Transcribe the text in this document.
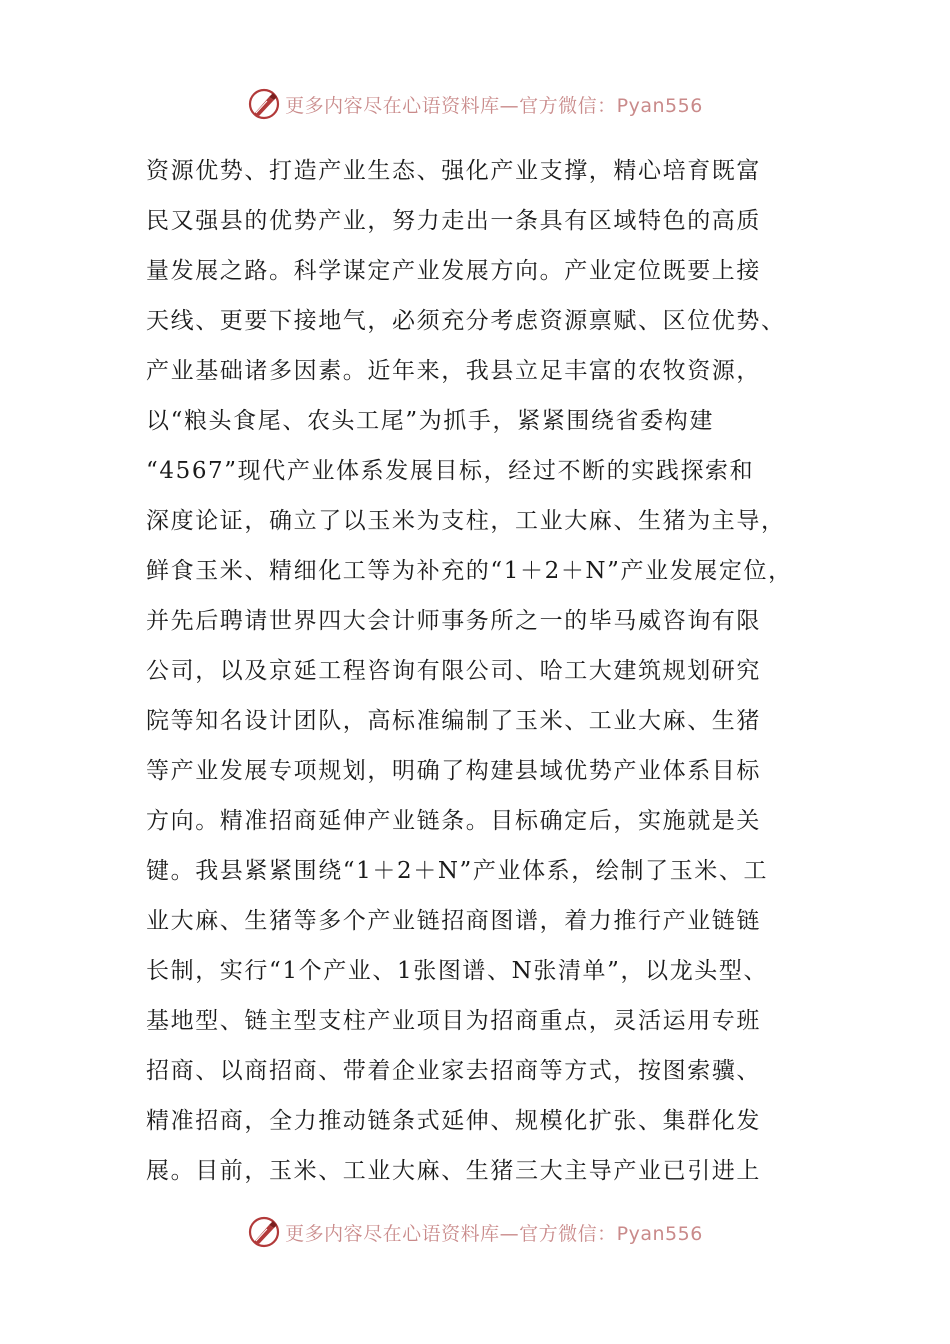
更多内容尽在心语资料库—官方微信：Pyan556
资源优势、打造产业生态、强化产业支撑，精心培育既富
民又强县的优势产业，努力走出一条具有区域特色的高质
量发展之路。科学谋定产业发展方向。产业定位既要上接
天线、更要下接地气，必须充分考虑资源禀赋、区位优势、
产业基础诸多因素。近年来，我县立足丰富的农牧资源，
以“粮头食尾、农头工尾”为抓手，紧紧围绕省委构建
“4567”现代产业体系发展目标，经过不断的实践探索和
深度论证，确立了以玉米为支柱，工业大麻、生猪为主导，
鲜食玉米、精细化工等为补充的“1＋2＋N”产业发展定位，
并先后聘请世界四大会计师事务所之一的毕马威咨询有限
公司，以及京延工程咨询有限公司、哈工大建筑规划研究
院等知名设计团队，高标准编制了玉米、工业大麻、生猪
等产业发展专项规划，明确了构建县域优势产业体系目标
方向。精准招商延伸产业链条。目标确定后，实施就是关
键。我县紧紧围绕“1＋2＋N”产业体系，绘制了玉米、工
业大麻、生猪等多个产业链招商图谱，着力推行产业链链
长制，实行“1个产业、1张图谱、N张清单”，以龙头型、
基地型、链主型支柱产业项目为招商重点，灵活运用专班
招商、以商招商、带着企业家去招商等方式，按图索骥、
精准招商，全力推动链条式延伸、规模化扩张、集群化发
展。目前，玉米、工业大麻、生猪三大主导产业已引进上
更多内容尽在心语资料库—官方微信：Pyan556
